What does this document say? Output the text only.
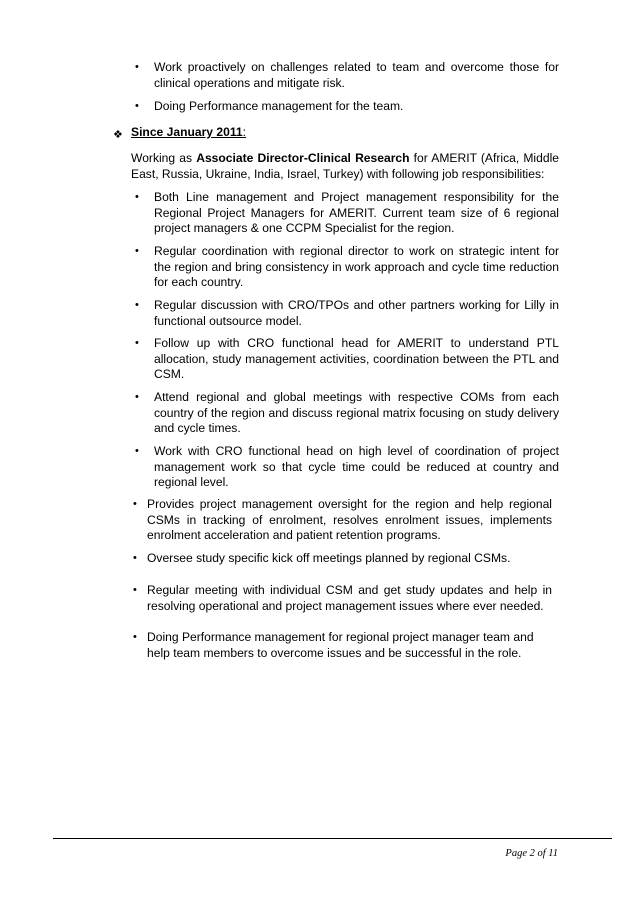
• Work proactively on challenges related to team and overcome those for clinical operations and mitigate risk.
• Doing Performance management for the team.
❖ Since January 2011:
Working as Associate Director-Clinical Research for AMERIT (Africa, Middle East, Russia, Ukraine, India, Israel, Turkey) with following job responsibilities:
• Both Line management and Project management responsibility for the Regional Project Managers for AMERIT. Current team size of 6 regional project managers & one CCPM Specialist for the region.
• Regular coordination with regional director to work on strategic intent for the region and bring consistency in work approach and cycle time reduction for each country.
• Regular discussion with CRO/TPOs and other partners working for Lilly in functional outsource model.
• Follow up with CRO functional head for AMERIT to understand PTL allocation, study management activities, coordination between the PTL and CSM.
• Attend regional and global meetings with respective COMs from each country of the region and discuss regional matrix focusing on study delivery and cycle times.
• Work with CRO functional head on high level of coordination of project management work so that cycle time could be reduced at country and regional level.
• Provides project management oversight for the region and help regional CSMs in tracking of enrolment, resolves enrolment issues, implements enrolment acceleration and patient retention programs.
• Oversee study specific kick off meetings planned by regional CSMs.
• Regular meeting with individual CSM and get study updates and help in resolving operational and project management issues where ever needed.
• Doing Performance management for regional project manager team and help team members to overcome issues and be successful in the role.
Page 2 of 11
